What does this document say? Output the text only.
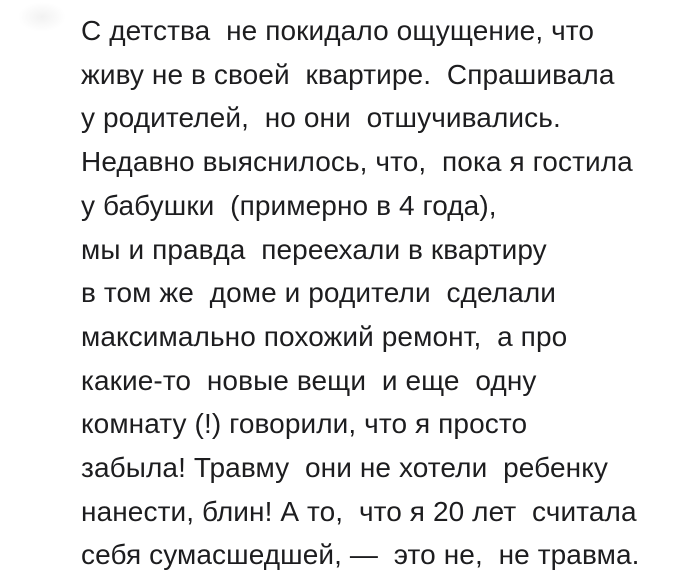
С детства  не покидало ощущение, что
живу не в своей  квартире.  Спрашивала
у родителей,  но они  отшучивались.
Недавно выяснилось, что,  пока я гостила
у бабушки  (примерно в 4 года),
мы и правда  переехали в квартиру
в том же  доме и родители  сделали
максимально похожий ремонт,  а про
какие-то  новые вещи  и еще  одну
комнату (!) говорили, что я просто
забыла! Травму  они не хотели  ребенку
нанести, блин! А то,  что я 20 лет  считала
себя сумасшедшей, —  это не,  не травма.
